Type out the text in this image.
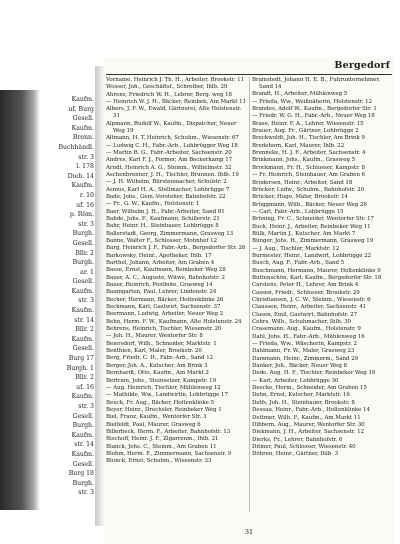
Kaufm.
uf. Burg
Gesell.
Kaufm.
Brenn.
Buchhändl.
str. 3
l. 178
Dieb. 14
Kaufm.
r. 10
uf. 16
p. Röm.
str. 3
Burgh.
Gesell.
Bllr. 2
Burgh.
ar. 1
Gesell.
Kaufm.
str. 3
Kaufm.
str. 14
Bllr. 2
Kaufm.
Gesell.
Burg 17
Burgh. 1
Bllr. 2
uf. 16
Kaufm.
str. 3
Gesell.
Burgh.
Kaufm.
str. 14
Kaufm.
Gesell.
Burg 18
Burgh.
str. 3
Bergedorf
Vorname, Heinrich J. Th. H., Arbeiter, Brookstr. 11
Wosser, Joh., Geschäftsf., Schreiber, Ihlb. 29
Ahrens, Friedrich W. H., Lehrer, Berg. weg 18
— Heinrich W. J. H., Bäcker, Reinbek, Am Markt 11
Albers, J. F. W., Ewald, Gärtnerei, Alte Holstenstr. 31
Alpmann, Rudolf W., Kaufm., Dispatcher, Neuer Weg 19
Altmann, H. T. Heinrich, Schuhm., Wiesenstr. 67
— Ludwig C. H., Fabr.-Arb., Lohbrügger Weg 18
— Martin R. G., Fabr.-Arbeiter, Sachsenstr. 20
Andres, Karl F. J., Former, Am Beckerkamp 17
Arndt, Heinrich A. G., Steinm., Wilhelmstr. 32
Aschenbrenner, J. H., Tischler, Brunnen. Ihlb. 19
— J. H. Wilhelm, Bürstenmacher, Schulstr. 2
Asmus, Karl H. A., Stellmacher, Lohbrügge 7
Bade, Johs., Gem.-Vorsteher, Bahnhofstr. 22
— Fr., G. W., Kaufm., Holstenstr. 1
Baer, Wilhelm J. H., Fabr.-Arbeiter, Sand 81
Bahde, Johs. F., Kaufmann, Schillerstr. 21
Bahr, Heinr. H., Steinhauer, Lohbrügge 8
Ballerstadt, Georg, Zimmermann, Grasweg 13
Banne, Walter F., Schlosser, Mohnhof 12
Barg, Heinrich J. F., Fabr.-Arb., Bergedorfer Str. 26
Barkowsky, Heinr., Apotheker, Ihlb. 17
Barthel, Johann, Arbeiter, Am Graben 4
Basse, Ernst, Kaufmann, Reinbeker Weg 28
Bauer, A. C., Auguste, Witwe, Bahnhofstr. 2
Bauer, Heinrich, Postbote, Grasweg 14
Baumgarten, Paul, Lehrer, Lindenstr. 24
Becker, Hermann, Bäcker, Holtenklinke 26
Beckmann, Karl, Gastwirt, Sachsenstr. 37
Beermann, Ludwig, Arbeiter, Neuer Weg 2
Behn, Herm. F. W., Kaufmann, Alte Holstenstr. 24
Behrens, Heinrich, Tischler, Wiesenstr. 20
— Joh. H., Maurer, Wentorfer Str. 8
Beiersdorf, Wilh., Schneider, Marktstr. 1
Benthien, Karl, Maler, Brookstr. 20
Berg, Friedr. C. H., Fabr.-Arb., Sand 12
Berger, Joh. A., Kutscher, Am Brink 3
Bernhardt, Otto, Kaufm., Am Markt 2
Bertram, Johs., Steinsetzer, Kampstr. 19
— Aug. Heinrich, Tischler, Mühlenweg 12
— Mathilde, Ww., Landwirtin, Lohbrügge 17
Beuck, Fr. Aug., Bäcker, Holtenklinke 5
Beyer, Heinr., Drechsler, Reinbeker Weg 1
Biel, Franz, Kaufm., Wentorfer Str. 3
Bielfeldt, Paul, Maurer, Grasweg 6
Billerbeck, Herm. F., Arbeiter, Bahnhofstr. 13
Bischoff, Heinr. J. F., Zigarrenm., Ihlb. 21
Blanck, Johs. C., Steinm., Am Graben 11
Blohm, Herm. F., Zimmermann, Sachsenstr. 9
Blunck, Ernst, Schuhm., Wiesenstr. 33
Bramstedt, Johann H. E. B., Fuhrunternehmer, Sand 14
Brandt, H., Arbeiter, Mühlenweg 5
— Frieda, Ww., Weißnäherin, Holstenstr. 12
Brandes, Adolf W., Kaufm., Bergedorfer Str. 1
— Friedr. W. G. H., Fabr.-Arb., Neuer Weg 18
Brase, Heinr. F. A., Lehrer, Wiesenstr. 15
Brauer, Aug. Fr., Gärtner, Lohbrügge 2
Breckwoldt, Joh. H., Tischler, Am Brink 9
Bredehorn, Karl, Maurer, Ihlb. 22
Brenneke, H. J. F., Arbeiter, Sachsenstr. 4
Brinkmann, Johs., Kaufm., Grasweg 5
Brockmann, Fr. H., Schlosser, Kampstr. 8
— Fr. Heinrich, Steinhauer, Am Graben 6
Brodersen, Heinr., Arbeiter, Sand 18
Bröcker, Ludw., Schuhm., Bahnhofstr. 20
Brücker, Hugo, Maler, Brookstr. 14
Brüggmann, Wilh., Bäcker, Neuer Weg 26
— Carl, Fabr.-Arb., Lohbrügge 15
Brüning, Fr. C., Schneider, Wentorfer Str. 17
Buck, Heinr. J., Arbeiter, Reinbeker Weg 11
Bülk, Martin J., Kutscher, Am Markt 7
Bünger, Johs. H., Zimmermann, Grasweg 19
— J. Aug., Tischler, Marktstr. 12
Burmester, Heinr., Landwirt, Lohbrügge 22
Busch, Aug. F., Fabr.-Arb., Sand 5
Buschmann, Hermann, Maurer, Holtenklinke 9
Buttenschön, Karl, Kaufm., Bergedorfer Str. 18
Carstens, Peter H., Lehrer, Am Brink 4
Cassen, Friedr., Schlosser, Brookstr. 29
Christiansen, J. C. W., Steinm., Wiesenstr. 6
Claussen, Heinr., Arbeiter, Sachsenstr. 41
Clasen, Emil, Gastwirt, Bahnhofstr. 27
Cohrs, Wilh., Schuhmacher, Ihlb. 30
Crasemann, Aug., Kaufm., Holstenstr. 9
Dahl, Johs. H., Fabr.-Arb., Mühlenweg 16
— Frieda, Ww., Wäscherin, Kampstr. 2
Dahlmann, Fr. W., Maler, Grasweg 23
Dammann, Heinr., Zimmerm., Sand 29
Danker, Joh., Bäcker, Neuer Weg 8
Dede, Aug. H. F., Tischler, Reinbeker Weg 19
— Karl, Arbeiter, Lohbrügge 30
Deecke, Herm., Schneider, Am Graben 15
Dehn, Ernst, Kutscher, Marktstr. 16
Delfs, Joh. H., Steinhauer, Brookstr. 8
Dessau, Heinr., Fabr.-Arb., Holtenklinke 14
Dettmer, Wilh. F., Kaufm., Am Markt 11
Dibbern, Aug., Maurer, Wentorfer Str. 30
Diekmann, J. H., Arbeiter, Sachsenstr. 12
Dierks, Fr., Lehrer, Bahnhofstr. 6
Ditmer, Paul, Schlosser, Wiesenstr. 40
Döhren, Heinr., Gärtner, Ihlb. 3
31
